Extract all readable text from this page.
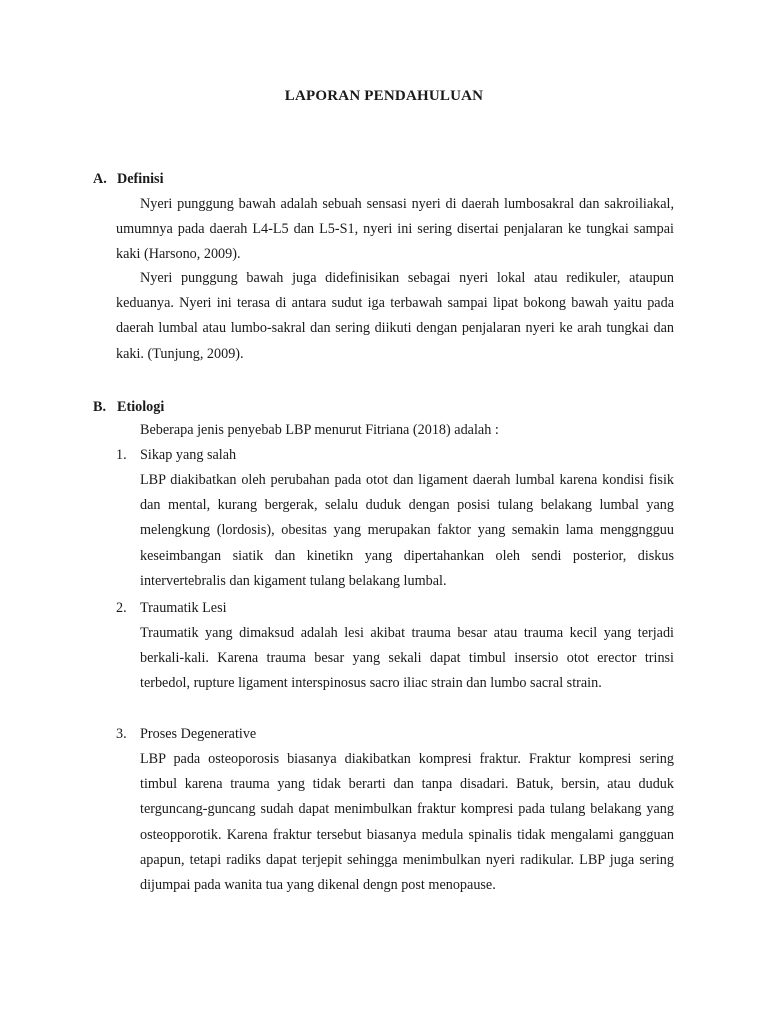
LAPORAN PENDAHULUAN
A. Definisi

Nyeri punggung bawah adalah sebuah sensasi nyeri di daerah lumbosakral dan sakroiliakal, umumnya pada daerah L4-L5 dan L5-S1, nyeri ini sering disertai penjalaran ke tungkai sampai kaki (Harsono, 2009).

Nyeri punggung bawah juga didefinisikan sebagai nyeri lokal atau redikuler, ataupun keduanya. Nyeri ini terasa di antara sudut iga terbawah sampai lipat bokong bawah yaitu pada daerah lumbal atau lumbo-sakral dan sering diikuti dengan penjalaran nyeri ke arah tungkai dan kaki. (Tunjung, 2009).

B. Etiologi
Beberapa jenis penyebab LBP menurut Fitriana (2018) adalah :
1. Sikap yang salah

LBP diakibatkan oleh perubahan pada otot dan ligament daerah lumbal karena kondisi fisik dan mental, kurang bergerak, selalu duduk dengan posisi tulang belakang lumbal yang melengkung (lordosis), obesitas yang merupakan faktor yang semakin lama menggngguu keseimbangan siatik dan kinetikn yang dipertahankan oleh sendi posterior, diskus intervertebralis dan kigament tulang belakang lumbal.

2. Traumatik Lesi

Traumatik yang dimaksud adalah lesi akibat trauma besar atau trauma kecil yang terjadi berkali-kali. Karena trauma besar yang sekali dapat timbul insersio otot erector trinsi terbedol, rupture ligament interspinosus sacro iliac strain dan lumbo sacral strain.

3. Proses Degenerative

LBP pada osteoporosis biasanya diakibatkan kompresi fraktur. Fraktur kompresi sering timbul karena trauma yang tidak berarti dan tanpa disadari. Batuk, bersin, atau duduk terguncang-guncang sudah dapat menimbulkan fraktur kompresi pada tulang belakang yang osteopporotik. Karena fraktur tersebut biasanya medula spinalis tidak mengalami gangguan apapun, tetapi radiks dapat terjepit sehingga menimbulkan nyeri radikular. LBP juga sering dijumpai pada wanita tua yang dikenal dengn post menopause.
